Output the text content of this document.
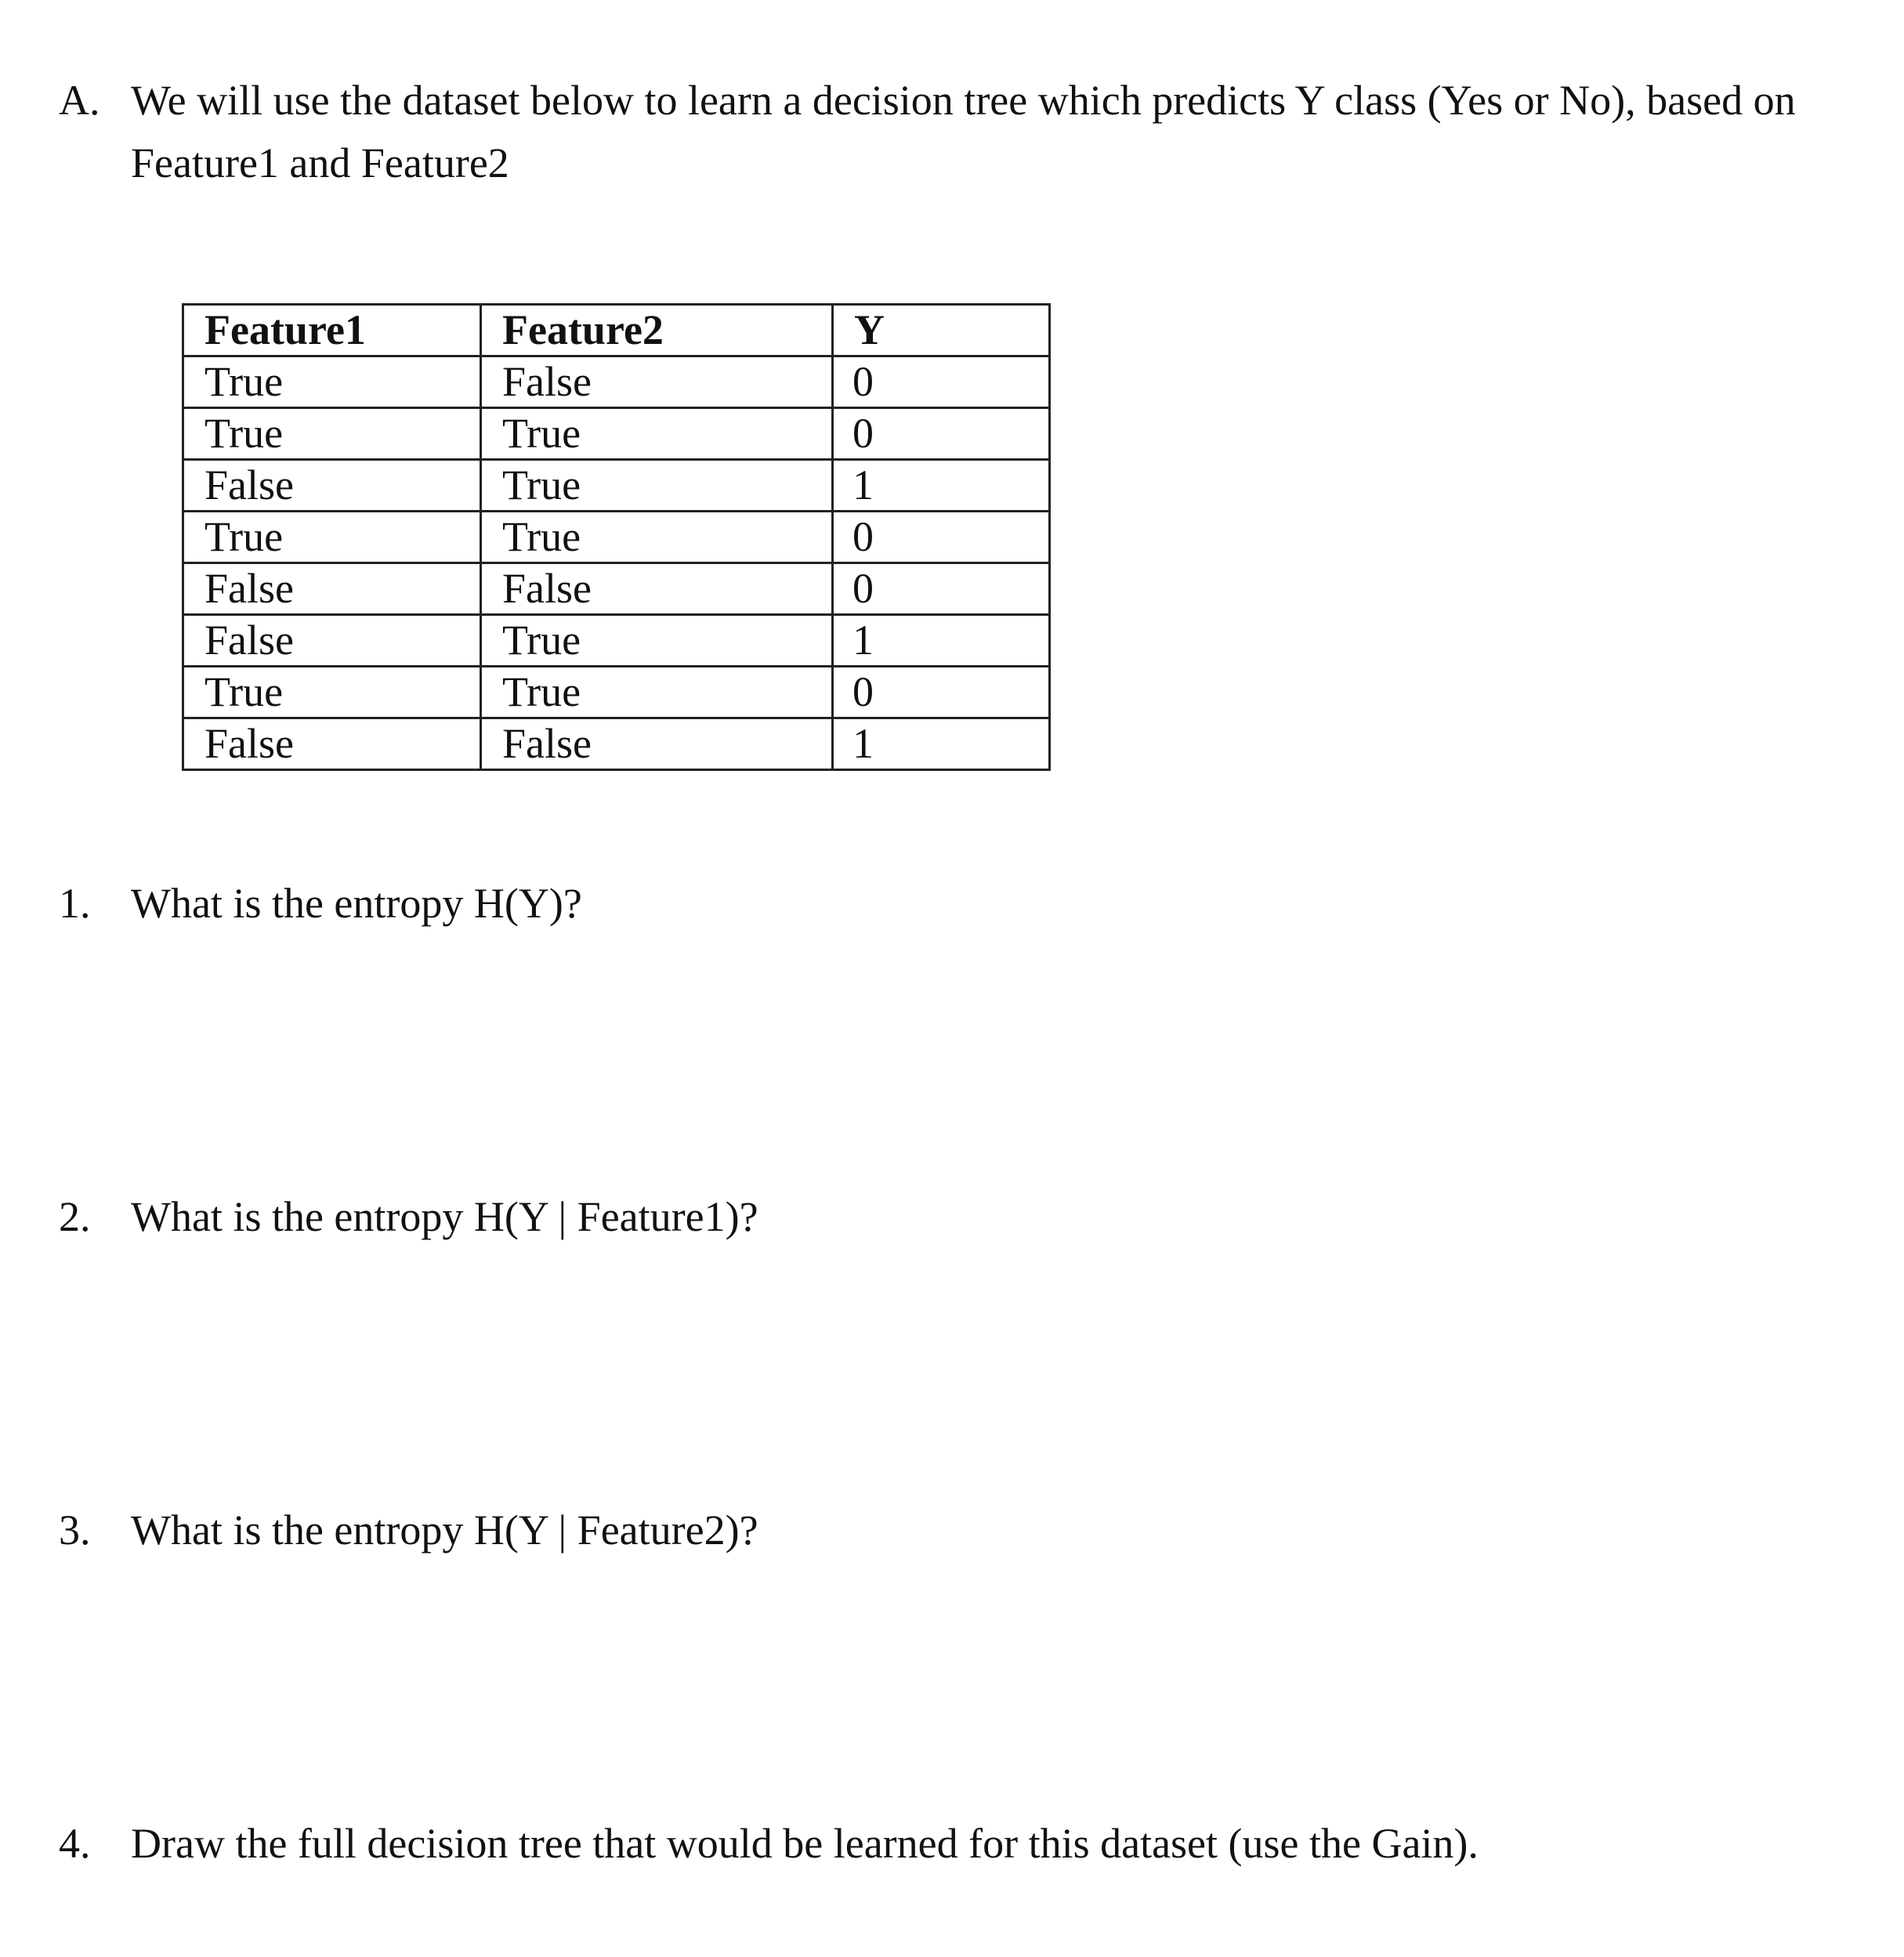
A. We will use the dataset below to learn a decision tree which predicts Y class (Yes or No), based on Feature1 and Feature2
Feature1	Feature2	Y
True	False	0
True	True	0
False	True	1
True	True	0
False	False	0
False	True	1
True	True	0
False	False	1
1. What is the entropy H(Y)?
2. What is the entropy H(Y | Feature1)?
3. What is the entropy H(Y | Feature2)?
4. Draw the full decision tree that would be learned for this dataset (use the Gain).
